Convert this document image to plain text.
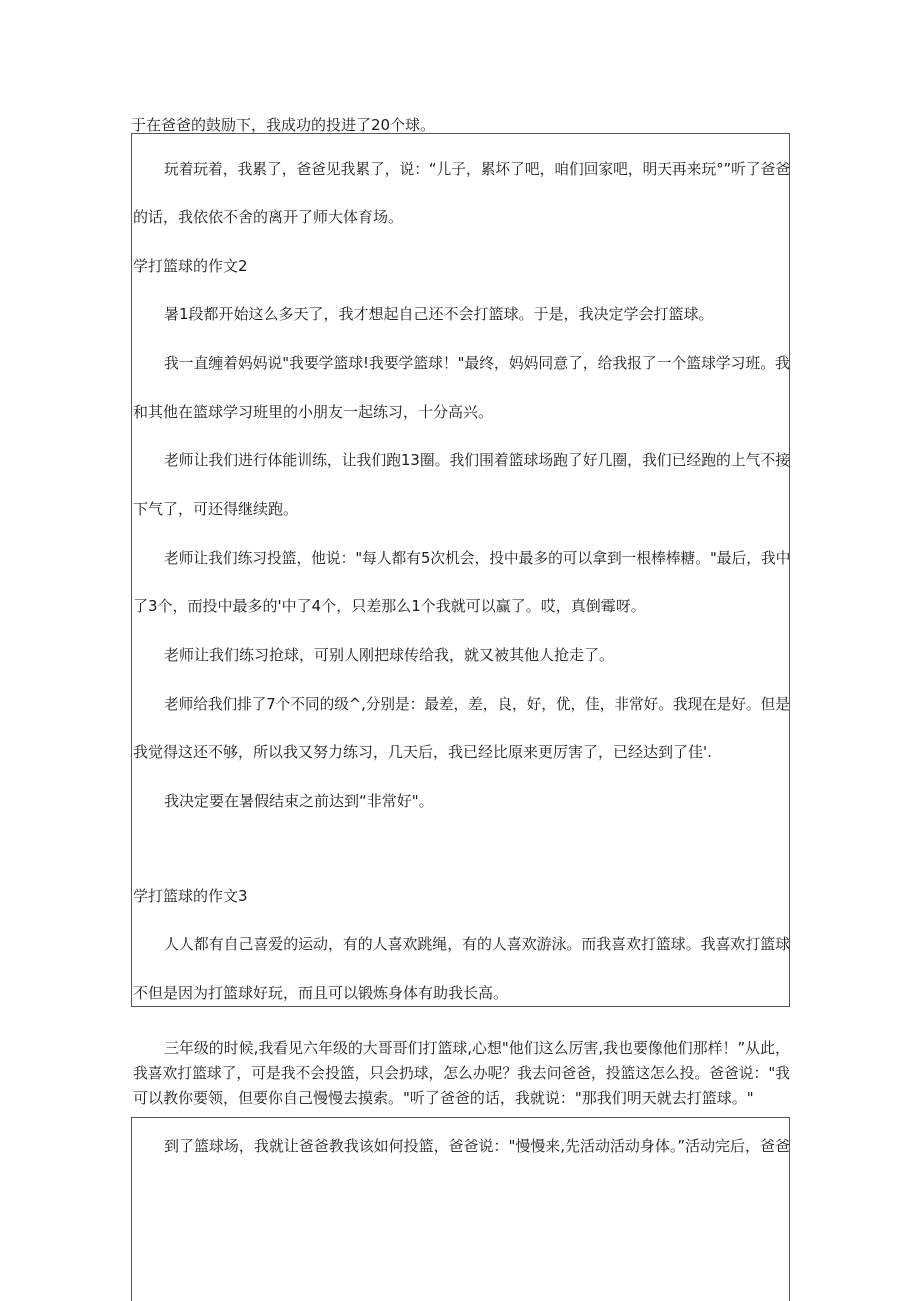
于在爸爸的鼓励下，我成功的投进了20个球。
玩着玩着，我累了，爸爸见我累了，说：“儿子，累坏了吧，咱们回家吧，明天再来玩°”听了爸爸
的话，我依依不舍的离开了师大体育场。
学打篮球的作文2
暑1段都开始这么多天了，我才想起自己还不会打篮球。于是，我决定学会打篮球。
我一直缠着妈妈说"我要学篮球!我要学篮球！"最终，妈妈同意了，给我报了一个篮球学习班。我
和其他在篮球学习班里的小朋友一起练习，十分高兴。
老师让我们进行体能训练，让我们跑13圈。我们围着篮球场跑了好几圈，我们已经跑的上气不接
下气了，可还得继续跑。
老师让我们练习投篮，他说："每人都有5次机会，投中最多的可以拿到一根棒棒糖。"最后，我中
了3个，而投中最多的'中了4个，只差那么1个我就可以赢了。哎，真倒霉呀。
老师让我们练习抢球，可别人刚把球传给我，就又被其他人抢走了。
老师给我们排了7个不同的级^,分别是：最差，差，良，好，优，佳，非常好。我现在是好。但是
我觉得这还不够，所以我又努力练习，几天后，我已经比原来更厉害了，已经达到了佳'.
我决定要在暑假结束之前达到“非常好"。
学打篮球的作文3
人人都有自己喜爱的运动，有的人喜欢跳绳，有的人喜欢游泳。而我喜欢打篮球。我喜欢打篮球
不但是因为打篮球好玩，而且可以锻炼身体有助我长高。
三年级的时候,我看见六年级的大哥哥们打篮球,心想"他们这么厉害,我也要像他们那样！”从此，
我喜欢打篮球了，可是我不会投篮，只会扔球，怎么办呢？我去问爸爸，投篮这怎么投。爸爸说："我
可以教你要领，但要你自己慢慢去摸索。"听了爸爸的话，我就说："那我们明天就去打篮球。"
到了篮球场，我就让爸爸教我该如何投篮，爸爸说："慢慢来,先活动活动身体。”活动完后，爸爸
